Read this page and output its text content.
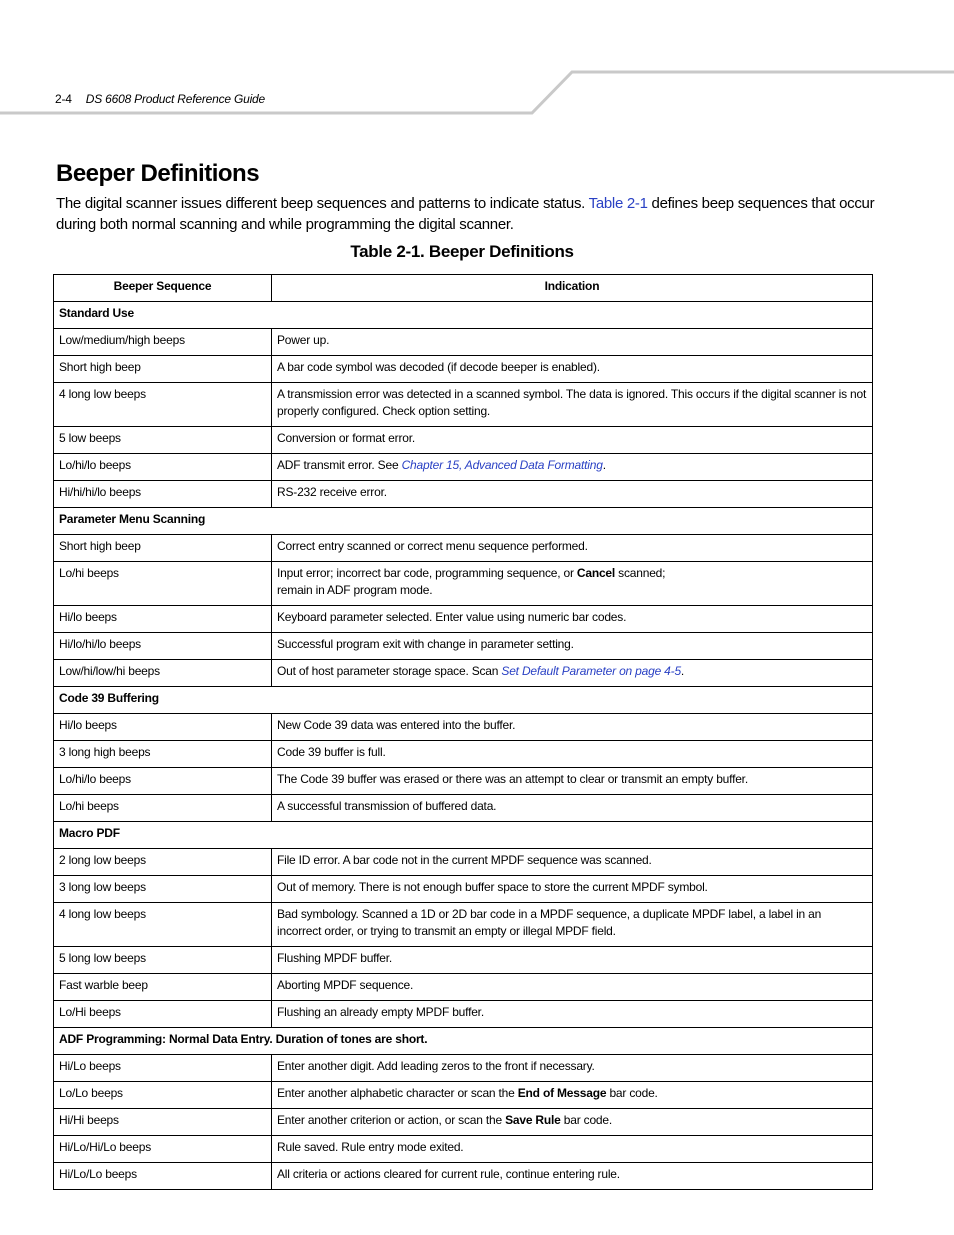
2-4 DS 6608 Product Reference Guide
Beeper Definitions

The digital scanner issues different beep sequences and patterns to indicate status. Table 2-1 defines beep sequences that occur during both normal scanning and while programming the digital scanner.

Table 2-1. Beeper Definitions
Beeper Sequence	Indication
Standard Use	
Low/medium/high beeps	Power up.
Short high beep	A bar code symbol was decoded (if decode beeper is enabled).
4 long low beeps	A transmission error was detected in a scanned symbol. The data is ignored. This occurs if the digital scanner is not properly configured. Check option setting.
5 low beeps	Conversion or format error.
Lo/hi/lo beeps	ADF transmit error. See Chapter 15, Advanced Data Formatting.
Hi/hi/hi/lo beeps	RS-232 receive error.
Parameter Menu Scanning	
Short high beep	Correct entry scanned or correct menu sequence performed.
Lo/hi beeps	Input error; incorrect bar code, programming sequence, or Cancel scanned;
remain in ADF program mode.
Hi/lo beeps	Keyboard parameter selected. Enter value using numeric bar codes.
Hi/lo/hi/lo beeps	Successful program exit with change in parameter setting.
Low/hi/low/hi beeps	Out of host parameter storage space. Scan Set Default Parameter on page 4-5.
Code 39 Buffering	
Hi/lo beeps	New Code 39 data was entered into the buffer.
3 long high beeps	Code 39 buffer is full.
Lo/hi/lo beeps	The Code 39 buffer was erased or there was an attempt to clear or transmit an empty buffer.
Lo/hi beeps	A successful transmission of buffered data.
Macro PDF	
2 long low beeps	File ID error. A bar code not in the current MPDF sequence was scanned.
3 long low beeps	Out of memory. There is not enough buffer space to store the current MPDF symbol.
4 long low beeps	Bad symbology. Scanned a 1D or 2D bar code in a MPDF sequence, a duplicate MPDF label, a label in an incorrect order, or trying to transmit an empty or illegal MPDF field.
5 long low beeps	Flushing MPDF buffer.
Fast warble beep	Aborting MPDF sequence.
Lo/Hi beeps	Flushing an already empty MPDF buffer.
ADF Programming: Normal Data Entry. Duration of tones are short.	
Hi/Lo beeps	Enter another digit. Add leading zeros to the front if necessary.
Lo/Lo beeps	Enter another alphabetic character or scan the End of Message bar code.
Hi/Hi beeps	Enter another criterion or action, or scan the Save Rule bar code.
Hi/Lo/Hi/Lo beeps	Rule saved. Rule entry mode exited.
Hi/Lo/Lo beeps	All criteria or actions cleared for current rule, continue entering rule.
